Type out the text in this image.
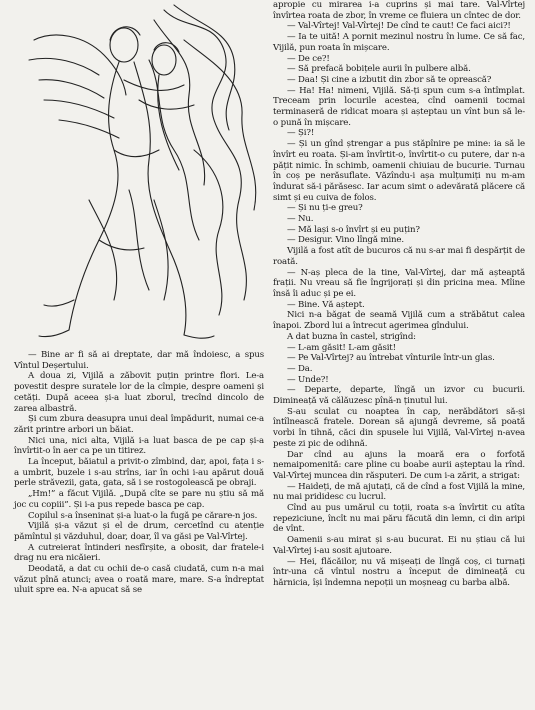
— Bine ar fi să ai dreptate, dar mă îndoiesc, a spus Vîntul Deșertului.

A doua zi, Vijilă a zăbovit puțin printre flori. Le-a povestit despre suratele lor de la cîmpie, despre oameni și cetăți. După aceea și-a luat zborul, trecînd dincolo de zarea albastră.

Și cum zbura deasupra unui deal împădurit, numai ce-a zărit printre arbori un băiat.

Nici una, nici alta, Vijilă i-a luat basca de pe cap și-a învîrtit-o în aer ca pe un titirez.

La început, băiatul a privit-o zîmbind, dar, apoi, fața i s-a umbrit, buzele i s-au strîns, iar în ochi i-au apărut două perle străvezii, gata, gata, să i se rostogolească pe obraji.

„Hm!” a făcut Vijilă. „După cîte se pare nu știu să mă joc cu copiii”. Și i-a pus repede basca pe cap.

Copilul s-a înseninat și-a luat-o la fugă pe cărare-n jos.

Vijilă și-a văzut și el de drum, cercetînd cu atenție pămîntul și văzduhul, doar, doar, îl va găsi pe Val-Vîrtej.

A cutreierat întinderi nesfîrșite, a obosit, dar fratele-i drag nu era nicăieri.

Deodată, a dat cu ochii de-o casă ciudată, cum n-a mai văzut pînă atunci; avea o roată mare, mare. S-a îndreptat uluit spre ea. N-a apucat să se

apropie cu mirarea i-a cuprins și mai tare. Val-Vîrtej învîrtea roata de zbor, în vreme ce fluiera un cîntec de dor.

— Val-Vîrtej! Val-Vîrtej! De cînd te caut! Ce faci aici?!

— Ia te uită! A pornit mezinul nostru în lume. Ce să fac, Vijilă, pun roata în mișcare.

— De ce?!

— Să prefacă bobițele aurii în pulbere albă.

— Daa! Și cine a izbutit din zbor să te oprească?

— Ha! Ha! nimeni, Vijilă. Să-ți spun cum s-a întîmplat. Treceam prin locurile acestea, cînd oamenii tocmai terminaseră de ridicat moara și așteptau un vînt bun să le-o pună în mișcare.

— Și?!

— Și un gînd ștrengar a pus stăpînire pe mine: ia să le învîrt eu roata. Și-am învîrtit-o, învîrtit-o cu putere, dar n-a pățit nimic. În schimb, oamenii chiuiau de bucurie. Turnau în coș pe nerăsuflate. Văzîndu-i așa mulțumiți nu m-am îndurat să-i părăsesc. Iar acum simt o adevărată plăcere că simt și eu cuiva de folos.

— Și nu ți-e greu?

— Nu.

— Mă lași s-o învîrt și eu puțin?

— Desigur. Vino lîngă mine.

Vijilă a fost atît de bucuros că nu s-ar mai fi despărțit de roată.

— N-aș pleca de la tine, Val-Vîrtej, dar mă așteaptă frații. Nu vreau să fie îngrijorați și din pricina mea. Mîine însă îi aduc și pe ei.

— Bine. Vă aștept.

Nici n-a băgat de seamă Vijilă cum a străbătut calea înapoi. Zbord lui a întrecut agerimea gîndului.

A dat buzna în castel, strigînd:

— L-am găsit! L-am găsit!

— Pe Val-Vîrtej? au întrebat vînturile într-un glas.

— Da.

— Unde?!

— Departe, departe, lîngă un izvor cu bucurii. Dimineață vă călăuzesc pînă-n ținutul lui.

S-au sculat cu noaptea în cap, nerăbdători să-și întîlnească fratele. Dorean să ajungă devreme, să poată vorbi în tihnă, căci din spusele lui Vijilă, Val-Vîrtej n-avea peste zi pic de odihnă.

Dar cînd au ajuns la moară era o forfotă nemaipomenită: care pline cu boabe aurii așteptau la rînd. Val-Vîrtej muncea din răsputeri. De cum i-a zărit, a strigat:

— Haideți, de mă ajutați, că de cînd a fost Vijilă la mine, nu mai prididesc cu lucrul.

Cînd au pus umărul cu toții, roata s-a învîrtit cu atîta repeziciune, încît nu mai păru făcută din lemn, ci din aripi de vînt.

Oamenii s-au mirat și s-au bucurat. Ei nu știau că lui Val-Vîrtej i-au sosit ajutoare.

— Hei, flăcăilor, nu vă mișeați de lîngă coș, ci turnați într-una că vîntul nostru a început de dimineață cu hărnicia, își îndemna nepoții un moșneag cu barba albă.
